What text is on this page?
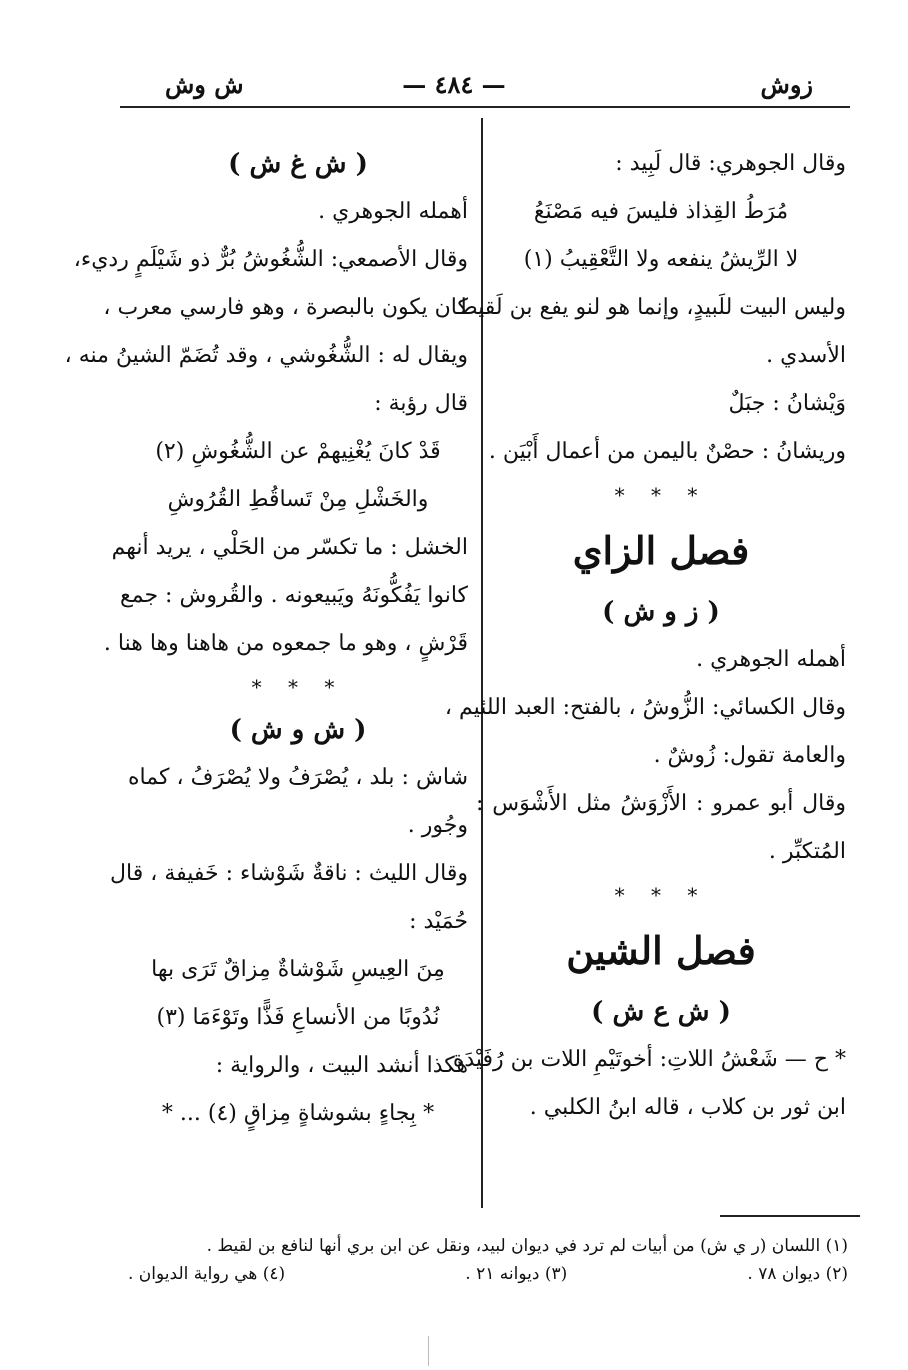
زوش
— ٤٨٤ —
ش وش
وقال الجوهري: قال لَبِيد :
مُرَطُ القِذاذ فليسَ فيه مَصْنَعُ
لا الرِّيشُ ينفعه ولا التَّعْقِيبُ (١)
وليس البيت للَبيدٍ، وإنما هو لنو يفع بن لَقيط
الأسدي .
وَيْشانُ : جبَلٌ
وريشانُ : حصْنٌ باليمن من أعمال أَبْيَن .
* * *
فصل الزاي
( ز و ش )
أهمله الجوهري .
وقال الكسائي: الزُّوشُ ، بالفتح: العبد اللئيم ،
والعامة تقول: زُوشٌ .
وقال أبو عمرو : الأَزْوَشُ مثل الأَشْوَس :
المُتكبِّر .
* * *
فصل الشين
( ش ع ش )
* ح — شَعْشُ اللاتِ: أخوتَيْمِ اللات بن رُفَيْدَة
ابن ثور بن كلاب ، قاله ابنُ الكلبي .
( ش غ ش )
أهمله الجوهري .
وقال الأصمعي: الشُّغُوشُ بُرٌّ ذو شَيْلَمٍ رديء،
كان يكون بالبصرة ، وهو فارسي معرب ،
ويقال له : الشُّغُوشي ، وقد تُضَمّ الشينُ منه ،
قال رؤبة :
قَدْ كانَ يُغْنِيهمْ عن الشُّغُوشِ (٢)
والخَشْلِ مِنْ تَساقُطِ القُرُوشِ
الخشل : ما تكسّر من الحَلْي ، يريد أنهم
كانوا يَفُكُّونَهُ ويَبيعونه . والقُروش : جمع
قَرْشٍ ، وهو ما جمعوه من هاهنا وها هنا .
* * *
( ش و ش )
شاش : بلد ، يُصْرَفُ ولا يُصْرَفُ ، كماه
وجُور .
وقال الليث : ناقةٌ شَوْشاء : خَفيفة ، قال
حُمَيْد :
مِنَ العِيسِ شَوْشاةٌ مِزاقٌ تَرَى بها
نُدُوبًا من الأنساعِ فَذًّا وتَوْءَمَا (٣)
هكذا أنشد البيت ، والرواية :
* بِجاءٍ بشوشاةٍ مِزاقٍ (٤) ... *
(١) اللسان (ر ي ش) من أبيات لم ترد في ديوان لبيد، ونقل عن ابن بري أنها لنافع بن لقيط .
(٢) ديوان ٧٨ .
(٣) ديوانه ٢١ .
(٤) هي رواية الديوان .
